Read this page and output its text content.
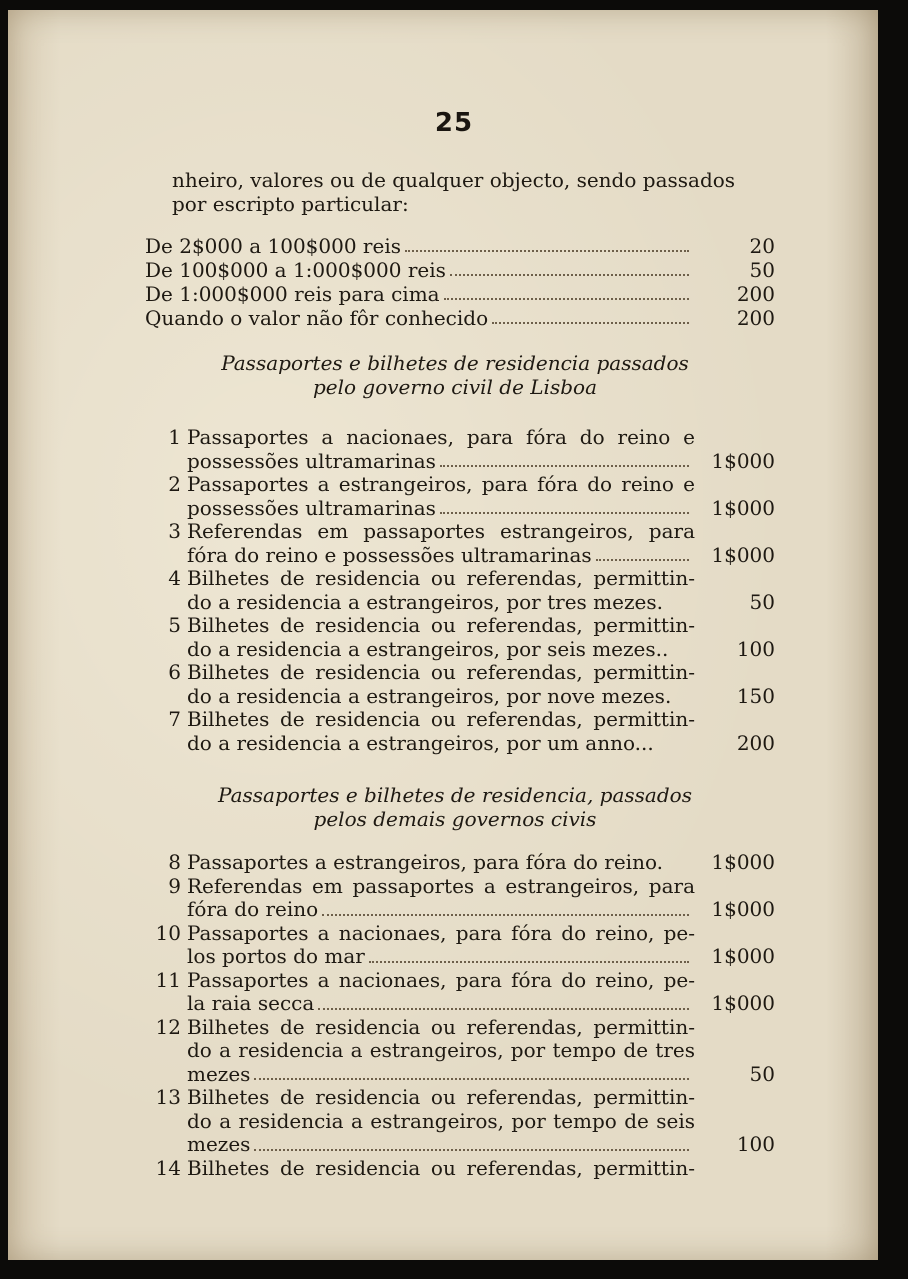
25
nheiro, valores ou de qualquer objecto, sendo passados
por escripto particular:
De 2$000 a 100$000 reis	20
De 100$000 a 1:000$000 reis	50
De 1:000$000 reis para cima	200
Quando o valor não fôr conhecido	200
Passaportes e bilhetes de residencia passados
pelo governo civil de Lisboa
1 Passaportes a nacionaes, para fóra do reino e
possessões ultramarinas	1$000
2 Passaportes a estrangeiros, para fóra do reino e
possessões ultramarinas	1$000
3 Referendas em passaportes estrangeiros, para
fóra do reino e possessões ultramarinas	1$000
4 Bilhetes de residencia ou referendas, permittin-
do a residencia a estrangeiros, por tres mezes.	50
5 Bilhetes de residencia ou referendas, permittin-
do a residencia a estrangeiros, por seis mezes..	100
6 Bilhetes de residencia ou referendas, permittin-
do a residencia a estrangeiros, por nove mezes.	150
7 Bilhetes de residencia ou referendas, permittin-
do a residencia a estrangeiros, por um anno...	200
Passaportes e bilhetes de residencia, passados
pelos demais governos civis
8 Passaportes a estrangeiros, para fóra do reino.	1$000
9 Referendas em passaportes a estrangeiros, para
fóra do reino	1$000
10 Passaportes a nacionaes, para fóra do reino, pe-
los portos do mar	1$000
11 Passaportes a nacionaes, para fóra do reino, pe-
la raia secca	1$000
12 Bilhetes de residencia ou referendas, permittin-
do a residencia a estrangeiros, por tempo de tres
mezes	50
13 Bilhetes de residencia ou referendas, permittin-
do a residencia a estrangeiros, por tempo de seis
mezes	100
14 Bilhetes de residencia ou referendas, permittin-
